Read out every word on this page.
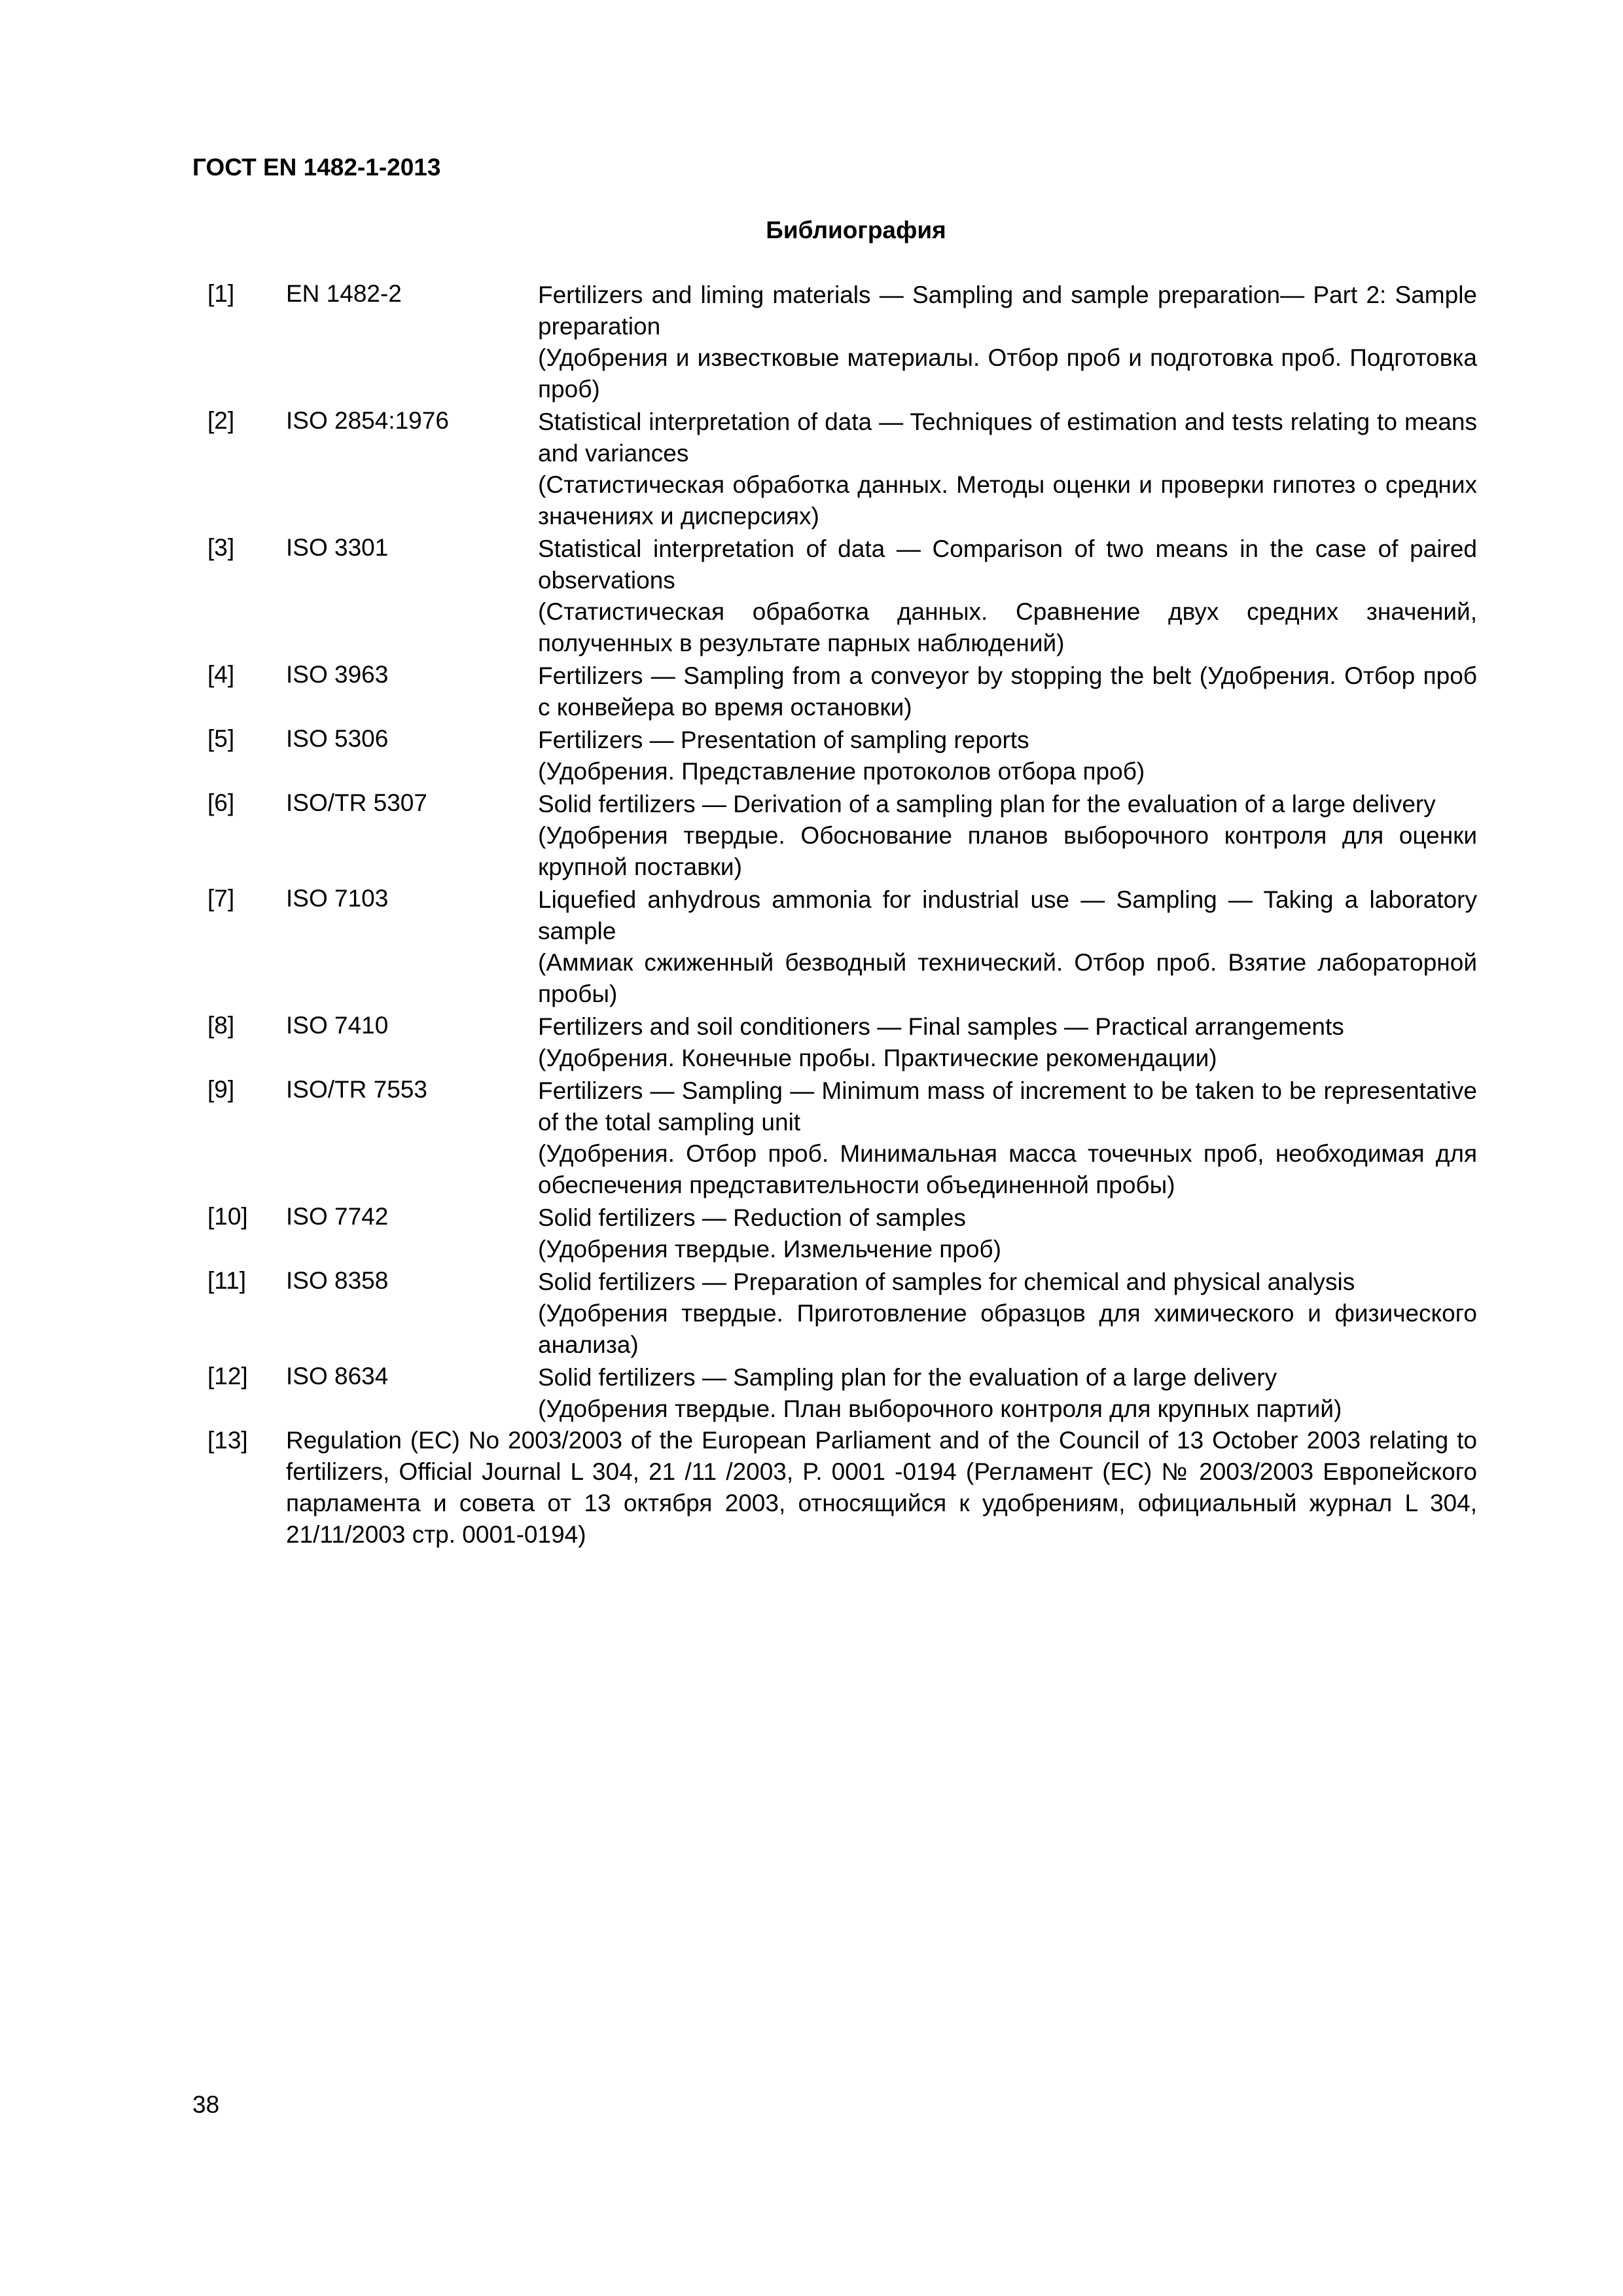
ГОСТ EN 1482-1-2013
Библиография
[1]	EN 1482-2	Fertilizers and liming materials — Sampling and sample preparation— Part 2: Sample preparation
(Удобрения и известковые материалы. Отбор проб и подготовка проб. Подготовка проб)
[2]	ISO 2854:1976	Statistical interpretation of data — Techniques of estimation and tests relating to means and variances
(Статистическая обработка данных. Методы оценки и проверки гипотез о средних значениях и дисперсиях)
[3]	ISO 3301	Statistical interpretation of data — Comparison of two means in the case of paired observations
(Статистическая обработка данных. Сравнение двух средних значений, полученных в результате парных наблюдений)
[4]	ISO 3963	Fertilizers — Sampling from a conveyor by stopping the belt (Удобрения. Отбор проб с конвейера во время остановки)
[5]	ISO 5306	Fertilizers — Presentation of sampling reports
(Удобрения. Представление протоколов отбора проб)
[6]	ISO/TR 5307	Solid fertilizers — Derivation of a sampling plan for the evaluation of a large delivery
(Удобрения твердые. Обоснование планов выборочного контроля для оценки крупной поставки)
[7]	ISO 7103	Liquefied anhydrous ammonia for industrial use — Sampling — Taking a laboratory sample
(Аммиак сжиженный безводный технический. Отбор проб. Взятие лабораторной пробы)
[8]	ISO 7410	Fertilizers and soil conditioners — Final samples — Practical arrangements
(Удобрения. Конечные пробы. Практические рекомендации)
[9]	ISO/TR 7553	Fertilizers — Sampling — Minimum mass of increment to be taken to be representative of the total sampling unit
(Удобрения. Отбор проб. Минимальная масса точечных проб, необходимая для обеспечения представительности объединенной пробы)
[10]	ISO 7742	Solid fertilizers — Reduction of samples
(Удобрения твердые. Измельчение проб)
[11]	ISO 8358	Solid fertilizers — Preparation of samples for chemical and physical analysis
(Удобрения твердые. Приготовление образцов для химического и физического анализа)
[12]	ISO 8634	Solid fertilizers — Sampling plan for the evaluation of a large delivery
(Удобрения твердые. План выборочного контроля для крупных партий)
[13]	Regulation (EC) No 2003/2003 of the European Parliament and of the Council of 13 October 2003 relating to fertilizers, Official Journal L 304, 21 /11 /2003, P. 0001 -0194 (Регламент (ЕС) № 2003/2003 Европейского парламента и совета от 13 октября 2003, относящийся к удобрениям, официальный журнал L 304, 21/11/2003 стр. 0001-0194)
38
